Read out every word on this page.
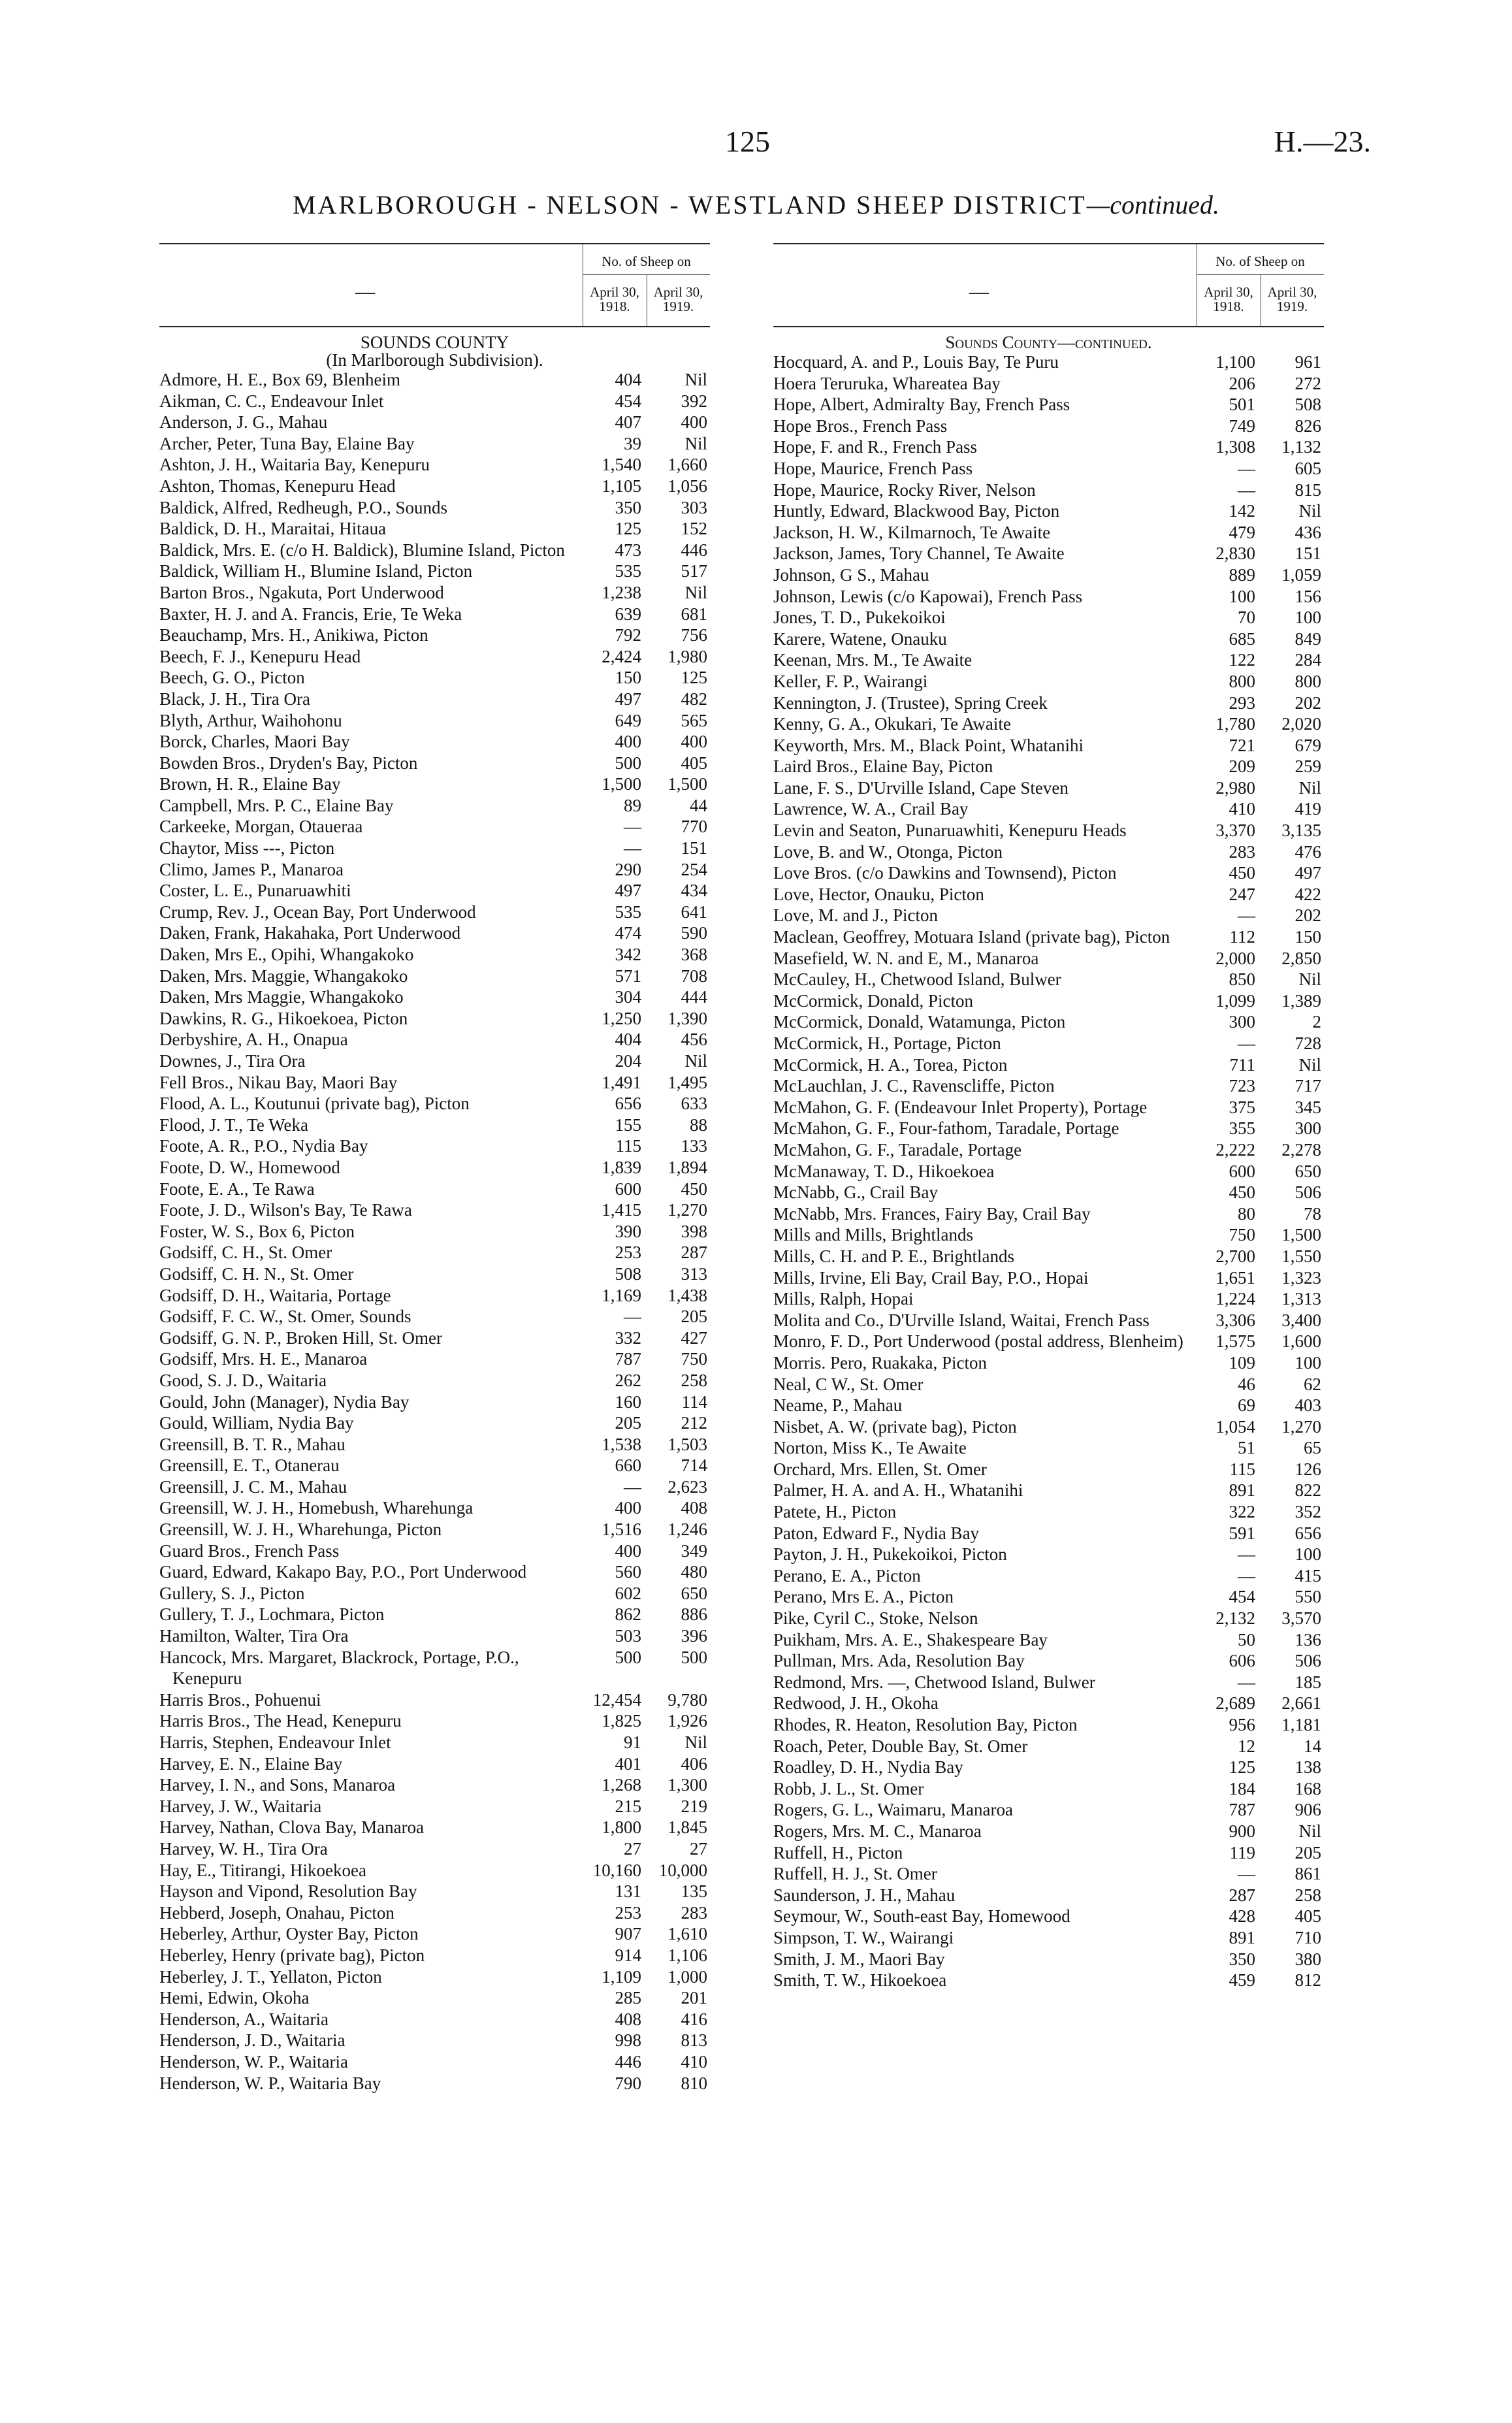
125	H.—23.
MARLBOROUGH - NELSON - WESTLAND SHEEP DISTRICT—continued.
—
No. of Sheep on
April 30, 1918.
April 30, 1919.
SOUNDS COUNTY
(In Marlborough Subdivision).
Admore, H. E., Box 69, Blenheim	404	Nil
Aikman, C. C., Endeavour Inlet	454	392
Anderson, J. G., Mahau	407	400
Archer, Peter, Tuna Bay, Elaine Bay	39	Nil
Ashton, J. H., Waitaria Bay, Kenepuru	1,540	1,660
Ashton, Thomas, Kenepuru Head	1,105	1,056
Baldick, Alfred, Redheugh, P.O., Sounds	350	303
Baldick, D. H., Maraitai, Hitaua	125	152
Baldick, Mrs. E. (c/o H. Baldick), Blumine Island, Picton	473	446
Baldick, William H., Blumine Island, Picton	535	517
Barton Bros., Ngakuta, Port Underwood	1,238	Nil
Baxter, H. J. and A. Francis, Erie, Te Weka	639	681
Beauchamp, Mrs. H., Anikiwa, Picton	792	756
Beech, F. J., Kenepuru Head	2,424	1,980
Beech, G. O., Picton	150	125
Black, J. H., Tira Ora	497	482
Blyth, Arthur, Waihohonu	649	565
Borck, Charles, Maori Bay	400	400
Bowden Bros., Dryden's Bay, Picton	500	405
Brown, H. R., Elaine Bay	1,500	1,500
Campbell, Mrs. P. C., Elaine Bay	89	44
Carkeeke, Morgan, Otaueraa	—	770
Chaytor, Miss ---, Picton	—	151
Climo, James P., Manaroa	290	254
Coster, L. E., Punaruawhiti	497	434
Crump, Rev. J., Ocean Bay, Port Underwood	535	641
Daken, Frank, Hakahaka, Port Underwood	474	590
Daken, Mrs E., Opihi, Whangakoko	342	368
Daken, Mrs. Maggie, Whangakoko	571	708
Daken, Mrs Maggie, Whangakoko	304	444
Dawkins, R. G., Hikoekoea, Picton	1,250	1,390
Derbyshire, A. H., Onapua	404	456
Downes, J., Tira Ora	204	Nil
Fell Bros., Nikau Bay, Maori Bay	1,491	1,495
Flood, A. L., Koutunui (private bag), Picton	656	633
Flood, J. T., Te Weka	155	88
Foote, A. R., P.O., Nydia Bay	115	133
Foote, D. W., Homewood	1,839	1,894
Foote, E. A., Te Rawa	600	450
Foote, J. D., Wilson's Bay, Te Rawa	1,415	1,270
Foster, W. S., Box 6, Picton	390	398
Godsiff, C. H., St. Omer	253	287
Godsiff, C. H. N., St. Omer	508	313
Godsiff, D. H., Waitaria, Portage	1,169	1,438
Godsiff, F. C. W., St. Omer, Sounds	—	205
Godsiff, G. N. P., Broken Hill, St. Omer	332	427
Godsiff, Mrs. H. E., Manaroa	787	750
Good, S. J. D., Waitaria	262	258
Gould, John (Manager), Nydia Bay	160	114
Gould, William, Nydia Bay	205	212
Greensill, B. T. R., Mahau	1,538	1,503
Greensill, E. T., Otanerau	660	714
Greensill, J. C. M., Mahau	—	2,623
Greensill, W. J. H., Homebush, Wharehunga	400	408
Greensill, W. J. H., Wharehunga, Picton	1,516	1,246
Guard Bros., French Pass	400	349
Guard, Edward, Kakapo Bay, P.O., Port Underwood	560	480
Gullery, S. J., Picton	602	650
Gullery, T. J., Lochmara, Picton	862	886
Hamilton, Walter, Tira Ora	503	396
Hancock, Mrs. Margaret, Blackrock, Portage, P.O., Kenepuru
500	500
Harris Bros., Pohuenui	12,454	9,780
Harris Bros., The Head, Kenepuru	1,825	1,926
Harris, Stephen, Endeavour Inlet	91	Nil
Harvey, E. N., Elaine Bay	401	406
Harvey, I. N., and Sons, Manaroa	1,268	1,300
Harvey, J. W., Waitaria	215	219
Harvey, Nathan, Clova Bay, Manaroa	1,800	1,845
Harvey, W. H., Tira Ora	27	27
Hay, E., Titirangi, Hikoekoea	10,160 10,000
Hayson and Vipond, Resolution Bay	131	135
Hebberd, Joseph, Onahau, Picton	253	283
Heberley, Arthur, Oyster Bay, Picton	907	1,610
Heberley, Henry (private bag), Picton	914	1,106
Heberley, J. T., Yellaton, Picton	1,109	1,000
Hemi, Edwin, Okoha	285	201
Henderson, A., Waitaria	408	416
Henderson, J. D., Waitaria	998	813
Henderson, W. P., Waitaria	446	410
Henderson, W. P., Waitaria Bay	790	810
—
No. of Sheep on
April 30, 1918.
April 30, 1919.
Sounds County—continued.
Hocquard, A. and P., Louis Bay, Te Puru	1,100	961
Hoera Teruruka, Whareatea Bay	206	272
Hope, Albert, Admiralty Bay, French Pass	501	508
Hope Bros., French Pass	749	826
Hope, F. and R., French Pass	1,308	1,132
Hope, Maurice, French Pass	—	605
Hope, Maurice, Rocky River, Nelson	—	815
Huntly, Edward, Blackwood Bay, Picton	142	Nil
Jackson, H. W., Kilmarnoch, Te Awaite	479	436
Jackson, James, Tory Channel, Te Awaite	2,830	151
Johnson, G S., Mahau	889	1,059
Johnson, Lewis (c/o Kapowai), French Pass	100	156
Jones, T. D., Pukekoikoi	70	100
Karere, Watene, Onauku	685	849
Keenan, Mrs. M., Te Awaite	122	284
Keller, F. P., Wairangi	800	800
Kennington, J. (Trustee), Spring Creek	293	202
Kenny, G. A., Okukari, Te Awaite	1,780	2,020
Keyworth, Mrs. M., Black Point, Whatanihi	721	679
Laird Bros., Elaine Bay, Picton	209	259
Lane, F. S., D'Urville Island, Cape Steven	2,980	Nil
Lawrence, W. A., Crail Bay	410	419
Levin and Seaton, Punaruawhiti, Kenepuru Heads	3,370	3,135
Love, B. and W., Otonga, Picton	283	476
Love Bros. (c/o Dawkins and Townsend), Picton	450	497
Love, Hector, Onauku, Picton	247	422
Love, M. and J., Picton	—	202
Maclean, Geoffrey, Motuara Island (private bag), Picton	112	150
Masefield, W. N. and E, M., Manaroa	2,000	2,850
McCauley, H., Chetwood Island, Bulwer	850	Nil
McCormick, Donald, Picton	1,099	1,389
McCormick, Donald, Watamunga, Picton	300	2
McCormick, H., Portage, Picton	—	728
McCormick, H. A., Torea, Picton	711	Nil
McLauchlan, J. C., Ravenscliffe, Picton	723	717
McMahon, G. F. (Endeavour Inlet Property), Portage	375	345
McMahon, G. F., Four-fathom, Taradale, Portage	355	300
McMahon, G. F., Taradale, Portage	2,222	2,278
McManaway, T. D., Hikoekoea	600	650
McNabb, G., Crail Bay	450	506
McNabb, Mrs. Frances, Fairy Bay, Crail Bay	80	78
Mills and Mills, Brightlands	750	1,500
Mills, C. H. and P. E., Brightlands	2,700	1,550
Mills, Irvine, Eli Bay, Crail Bay, P.O., Hopai	1,651	1,323
Mills, Ralph, Hopai	1,224	1,313
Molita and Co., D'Urville Island, Waitai, French Pass	3,306	3,400
Monro, F. D., Port Underwood (postal address, Blenheim)	1,575	1,600
Morris. Pero, Ruakaka, Picton	109	100
Neal, C W., St. Omer	46	62
Neame, P., Mahau	69	403
Nisbet, A. W. (private bag), Picton	1,054	1,270
Norton, Miss K., Te Awaite	51	65
Orchard, Mrs. Ellen, St. Omer	115	126
Palmer, H. A. and A. H., Whatanihi	891	822
Patete, H., Picton	322	352
Paton, Edward F., Nydia Bay	591	656
Payton, J. H., Pukekoikoi, Picton	—	100
Perano, E. A., Picton	—	415
Perano, Mrs E. A., Picton	454	550
Pike, Cyril C., Stoke, Nelson	2,132	3,570
Puikham, Mrs. A. E., Shakespeare Bay	50	136
Pullman, Mrs. Ada, Resolution Bay	606	506
Redmond, Mrs. —, Chetwood Island, Bulwer	—	185
Redwood, J. H., Okoha	2,689	2,661
Rhodes, R. Heaton, Resolution Bay, Picton	956	1,181
Roach, Peter, Double Bay, St. Omer	12	14
Roadley, D. H., Nydia Bay	125	138
Robb, J. L., St. Omer	184	168
Rogers, G. L., Waimaru, Manaroa	787	906
Rogers, Mrs. M. C., Manaroa	900	Nil
Ruffell, H., Picton	119	205
Ruffell, H. J., St. Omer	—	861
Saunderson, J. H., Mahau	287	258
Seymour, W., South-east Bay, Homewood	428	405
Simpson, T. W., Wairangi	891	710
Smith, J. M., Maori Bay	350	380
Smith, T. W., Hikoekoea	459	812
